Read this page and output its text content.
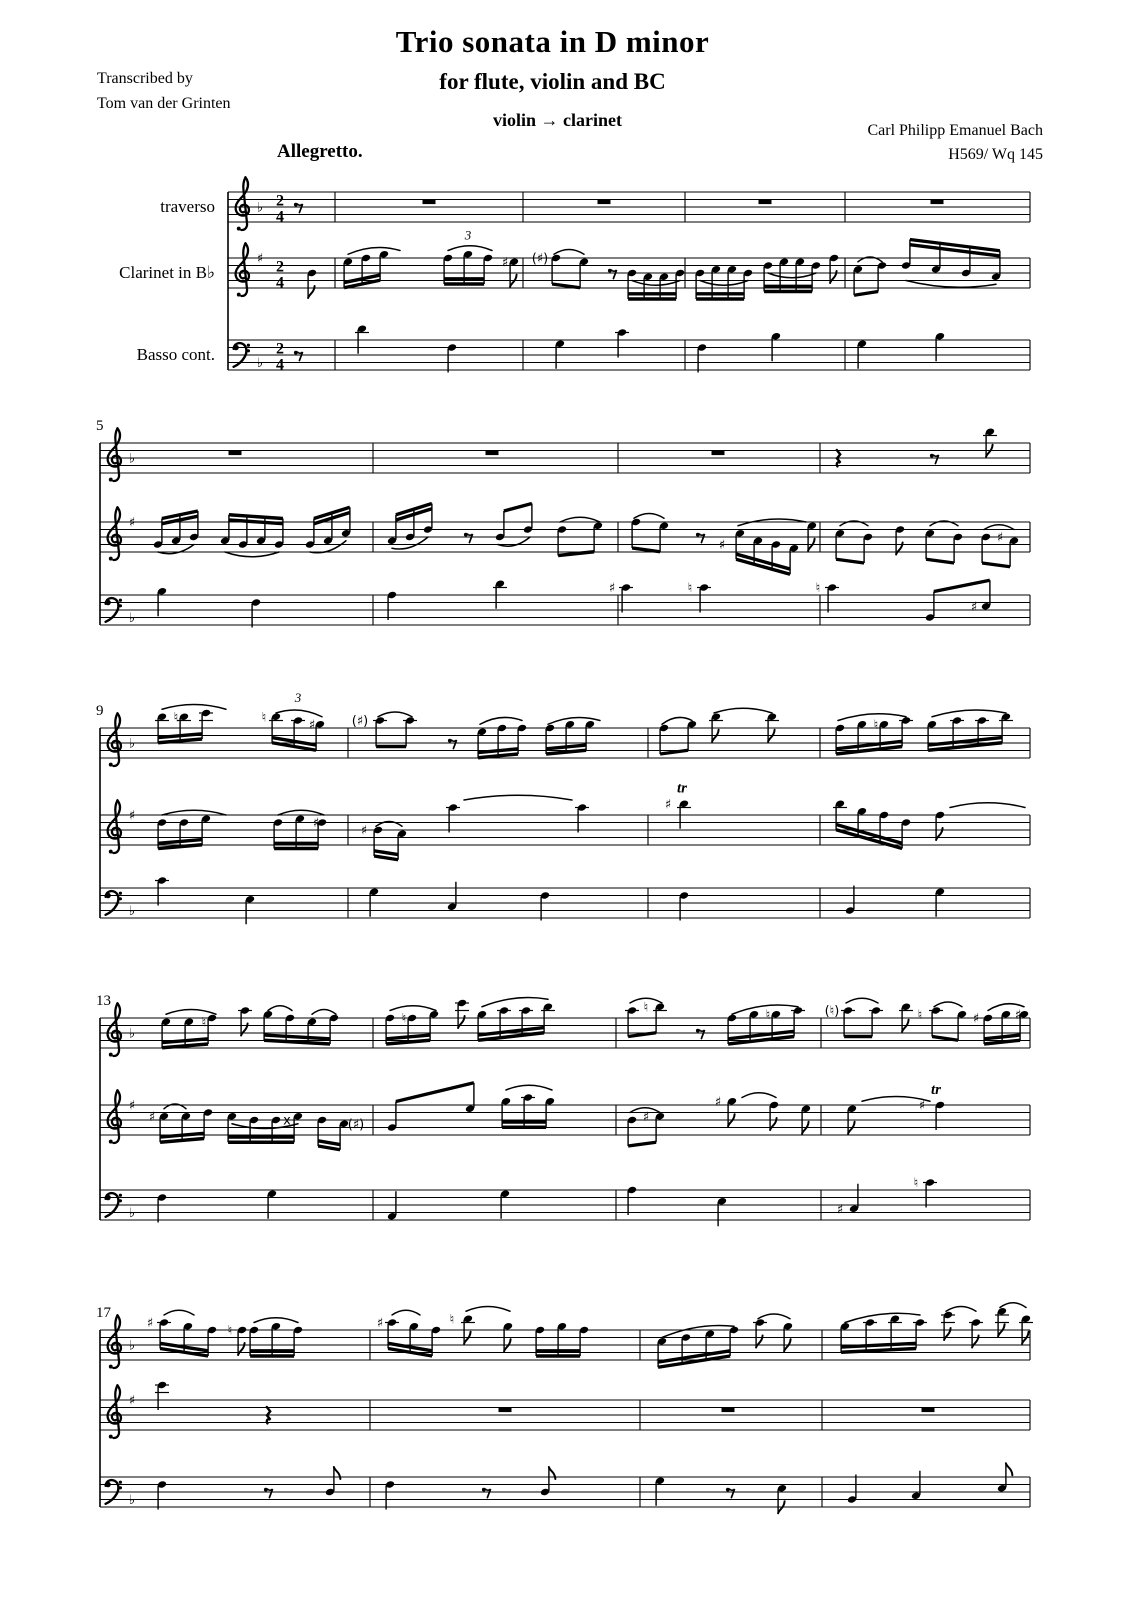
Transcribed by
Tom van der Grinten
Trio sonata in D minor
for flute, violin and BC
violin → clarinet
Carl Philipp Emanuel Bach
H569/ Wq 145
Allegretto.
traverso
Clarinet in B♭
Basso cont.
♭ 2
4
♯ 2
4
3
♯ (♯)
♭
2
4
5
♭
♯
♯	♯
♭
♯	♮	♮
♯
9
♭
♮
3
♮	♯	(♯)	♮
♯	♯	♯
♯
tr
♭
13
♭
♮	♮
♮	♮	(♮)	♮	♯	♯
♯
♯	x	(♯)	♯
♯	♯
tr
♭	♯
♮
17
♭
♯	♮	♯	♮
♯
♭
